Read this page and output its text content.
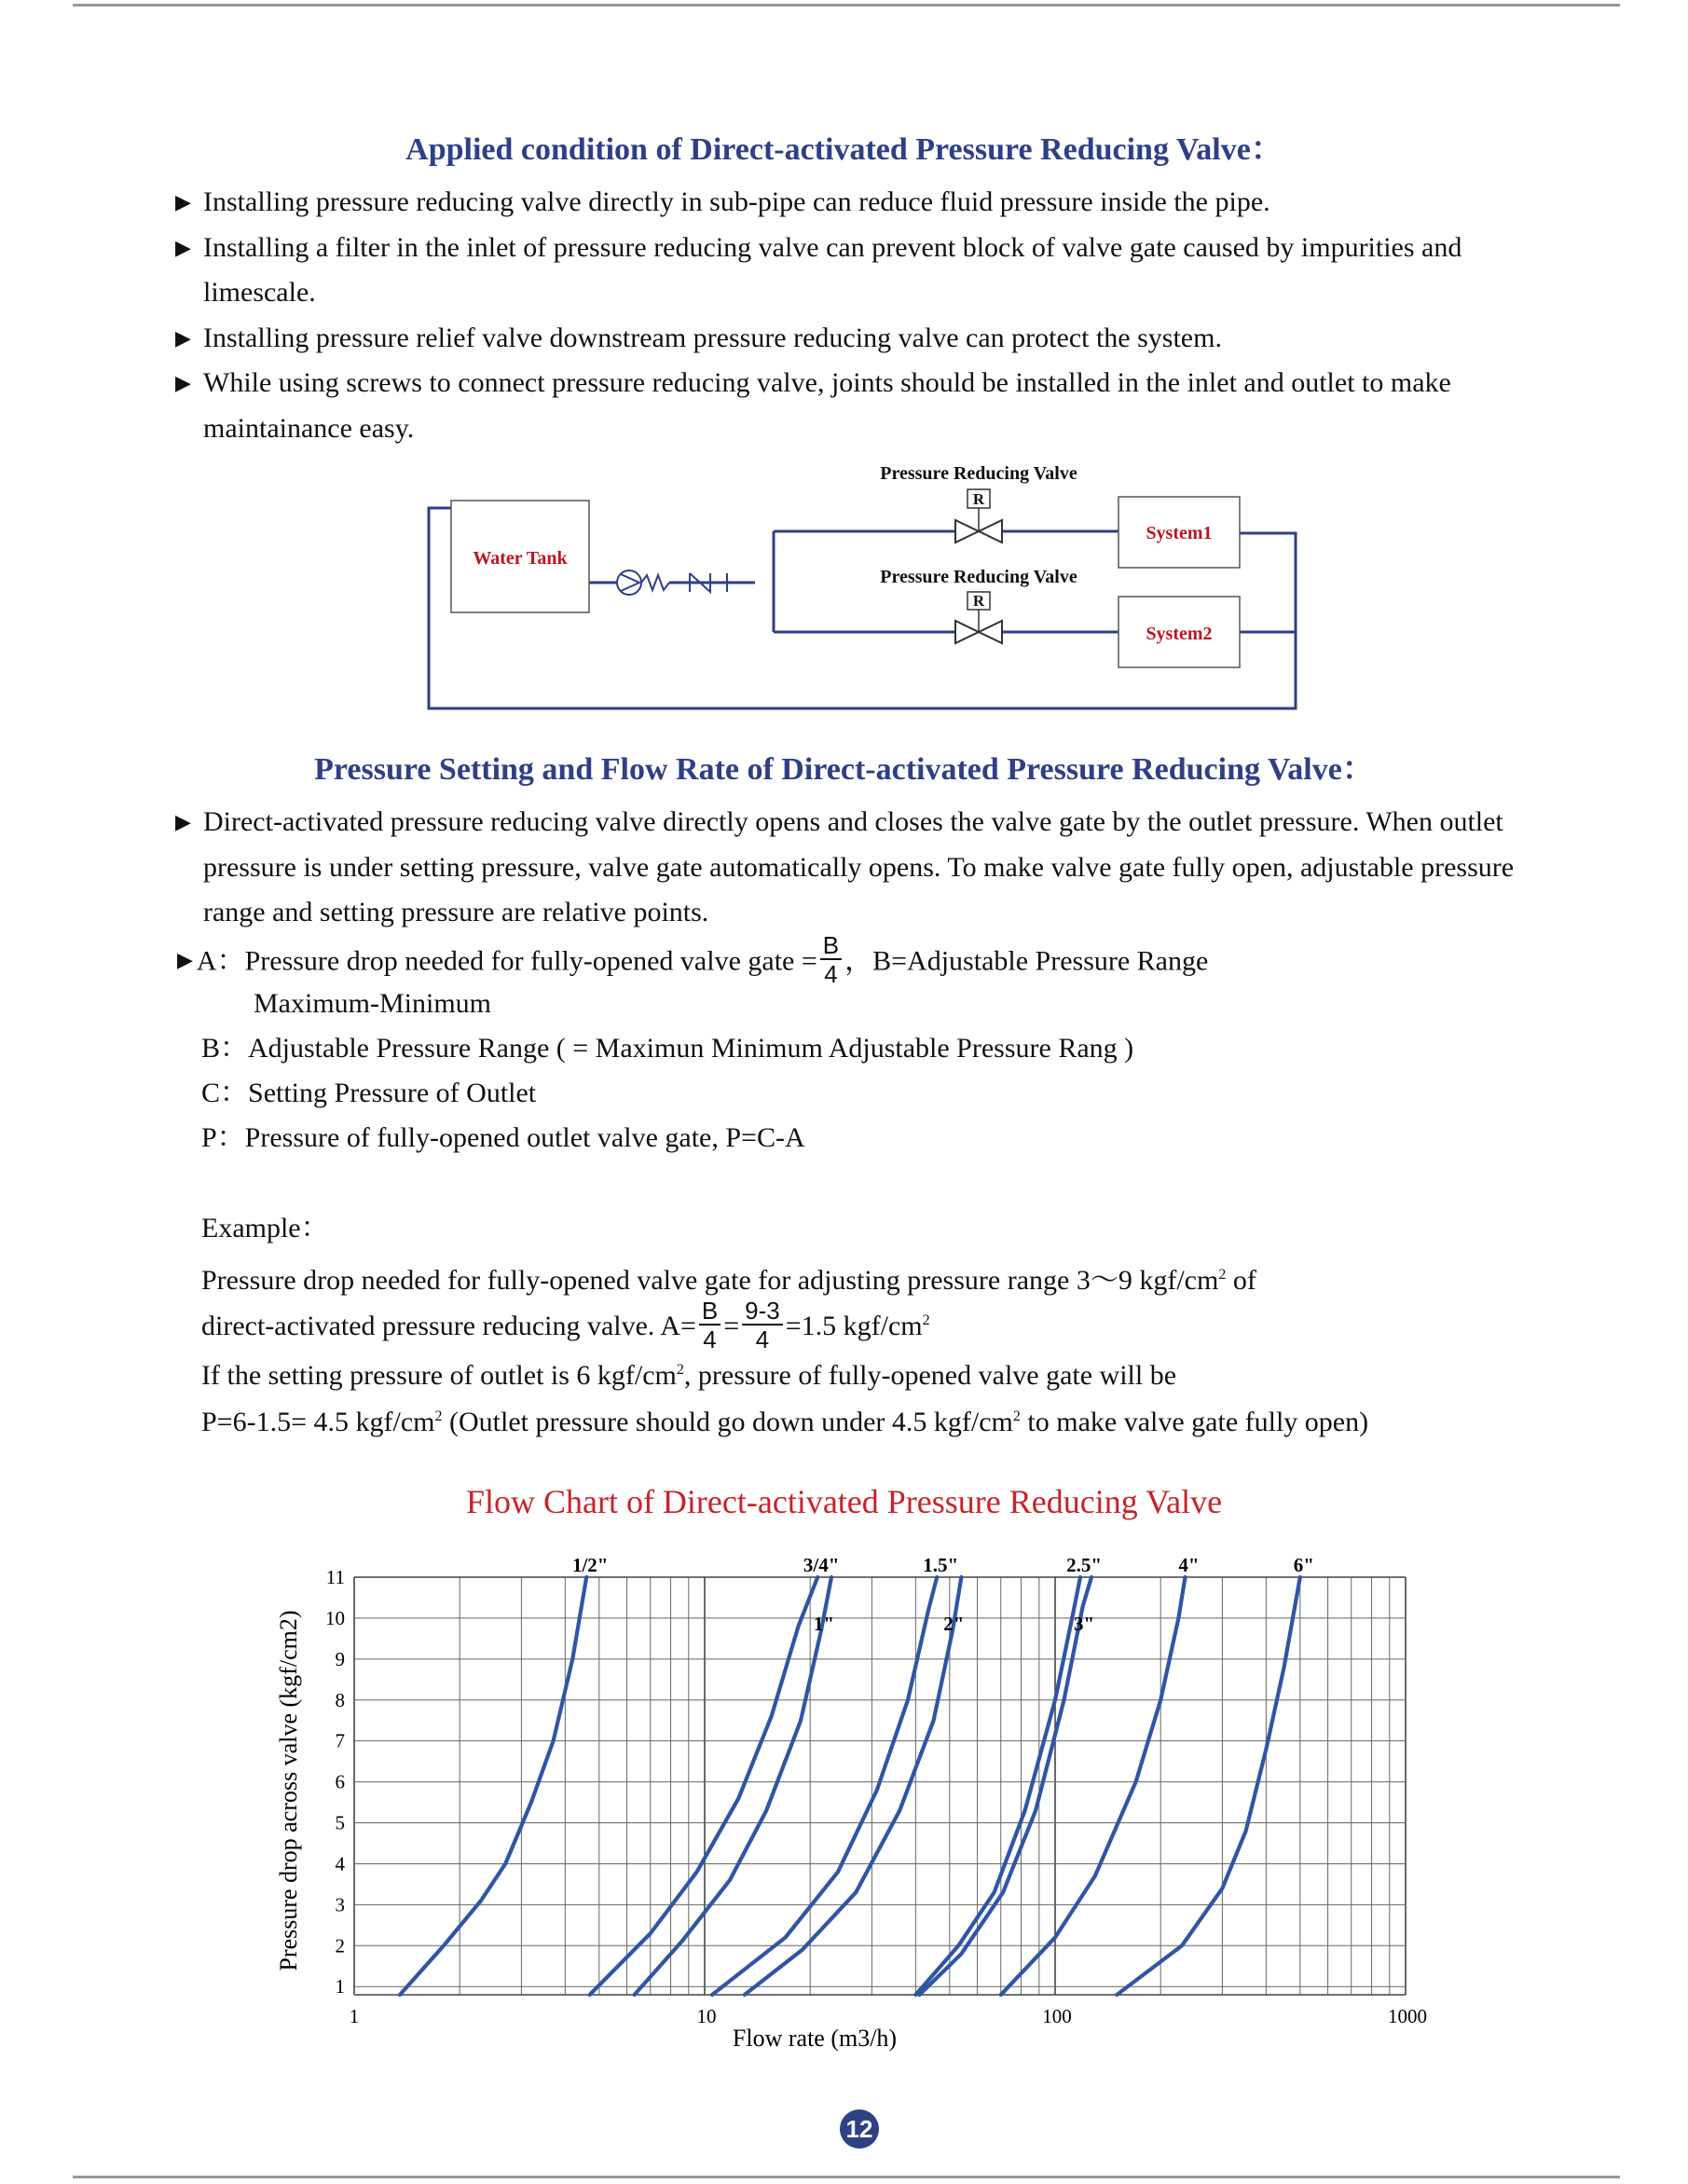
Applied condition of Direct-activated Pressure Reducing Valve：
▶ Installing pressure reducing valve directly in sub-pipe can reduce fluid pressure inside the pipe.
▶ Installing a filter in the inlet of pressure reducing valve can prevent block of valve gate caused by impurities and limescale.
▶ Installing pressure relief valve downstream pressure reducing valve can protect the system.
▶ While using screws to connect pressure reducing valve, joints should be installed in the inlet and outlet to make maintainance easy.
Water Tank
Pressure Reducing Valve
R
Pressure Reducing Valve
R
System1
System2
Pressure Setting and Flow Rate of Direct-activated Pressure Reducing Valve：
▶ Direct-activated pressure reducing valve directly opens and closes the valve gate by the outlet pressure. When outlet pressure is under setting pressure, valve gate automatically opens. To make valve gate fully open, adjustable pressure range and setting pressure are relative points.
▶ A：Pressure drop needed for fully-opened valve gate = $\frac{B}{4}$ ，B=Adjustable Pressure Range

Maximum-Minimum

B：Adjustable Pressure Range ( = Maximun Minimum Adjustable Pressure Rang )

C：Setting Pressure of Outlet

P：Pressure of fully-opened outlet valve gate, P=C-A

Example：

Pressure drop needed for fully-opened valve gate for adjusting pressure range 3～9 kgf/$cm^2$ of
direct-activated pressure reducing valve. $A= \frac{B}{4} = \frac{9-3}{4} =1.5$ kgf/$cm^2$
If the setting pressure of outlet is 6 kgf/$cm^2$, pressure of fully-opened valve gate will be
P=6-1.5= 4.5 kgf/$cm^2$ (Outlet pressure should go down under 4.5 kgf/$cm^2$ to make valve gate fully open)
Flow Chart of Direct-activated Pressure Reducing Valve
1
2
3
4
5
6
7
8
9
10
11
1	10	100	1000
Flow rate (m3/h)
Pressure drop across valve (kgf/cm2)
1/2"	3/4"
1"
1.5"
2"
2.5"
3"
4"	6"
12
